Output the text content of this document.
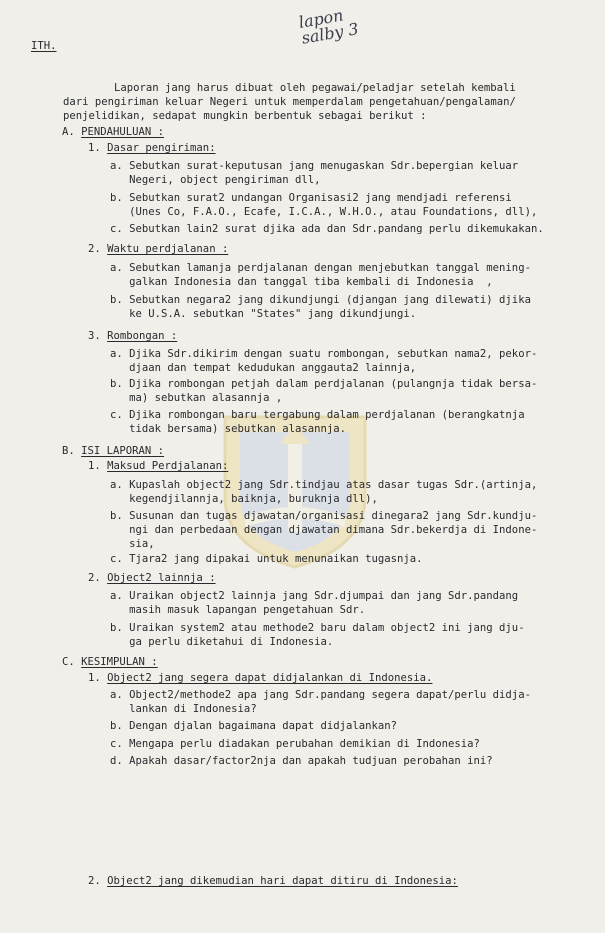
ITH.
lapon
salby 3
Laporan jang harus dibuat oleh pegawai/peladjar setelah kembali
dari pengiriman keluar Negeri untuk memperdalam pengetahuan/pengalaman/
penjelidikan, sedapat mungkin berbentuk sebagai berikut :
A. PENDAHULUAN :
1. Dasar pengiriman:
a. Sebutkan surat-keputusan jang menugaskan Sdr.bepergian keluar
Negeri, object pengiriman dll,
b. Sebutkan surat2 undangan Organisasi2 jang mendjadi referensi
(Unes Co, F.A.O., Ecafe, I.C.A., W.H.O., atau Foundations, dll),
c. Sebutkan lain2 surat djika ada dan Sdr.pandang perlu dikemukakan.
2. Waktu perdjalanan :
a. Sebutkan lamanja perdjalanan dengan menjebutkan tanggal mening-
galkan Indonesia dan tanggal tiba kembali di Indonesia  ,
b. Sebutkan negara2 jang dikundjungi (djangan jang dilewati) djika
ke U.S.A. sebutkan "States" jang dikundjungi.
3. Rombongan :
a. Djika Sdr.dikirim dengan suatu rombongan, sebutkan nama2, pekor-
djaan dan tempat kedudukan anggauta2 lainnja,
b. Djika rombongan petjah dalam perdjalanan (pulangnja tidak bersa-
ma) sebutkan alasannja ,
c. Djika rombongan baru tergabung dalam perdjalanan (berangkatnja
tidak bersama) sebutkan alasannja.
B. ISI LAPORAN :
1. Maksud Perdjalanan:
a. Kupaslah object2 jang Sdr.tindjau atas dasar tugas Sdr.(artinja,
kegendjilannja, baiknja, buruknja dll),
b. Susunan dan tugas djawatan/organisasi dinegara2 jang Sdr.kundju-
ngi dan perbedaan dengan djawatan dimana Sdr.bekerdja di Indone-
sia,
c. Tjara2 jang dipakai untuk menunaikan tugasnja.
2. Object2 lainnja :
a. Uraikan object2 lainnja jang Sdr.djumpai dan jang Sdr.pandang
masih masuk lapangan pengetahuan Sdr.
b. Uraikan system2 atau methode2 baru dalam object2 ini jang dju-
ga perlu diketahui di Indonesia.
C. KESIMPULAN :
1. Object2 jang segera dapat didjalankan di Indonesia.
a. Object2/methode2 apa jang Sdr.pandang segera dapat/perlu didja-
lankan di Indonesia?
b. Dengan djalan bagaimana dapat didjalankan?
c. Mengapa perlu diadakan perubahan demikian di Indonesia?
d. Apakah dasar/factor2nja dan apakah tudjuan perobahan ini?
2. Object2 jang dikemudian hari dapat ditiru di Indonesia:
